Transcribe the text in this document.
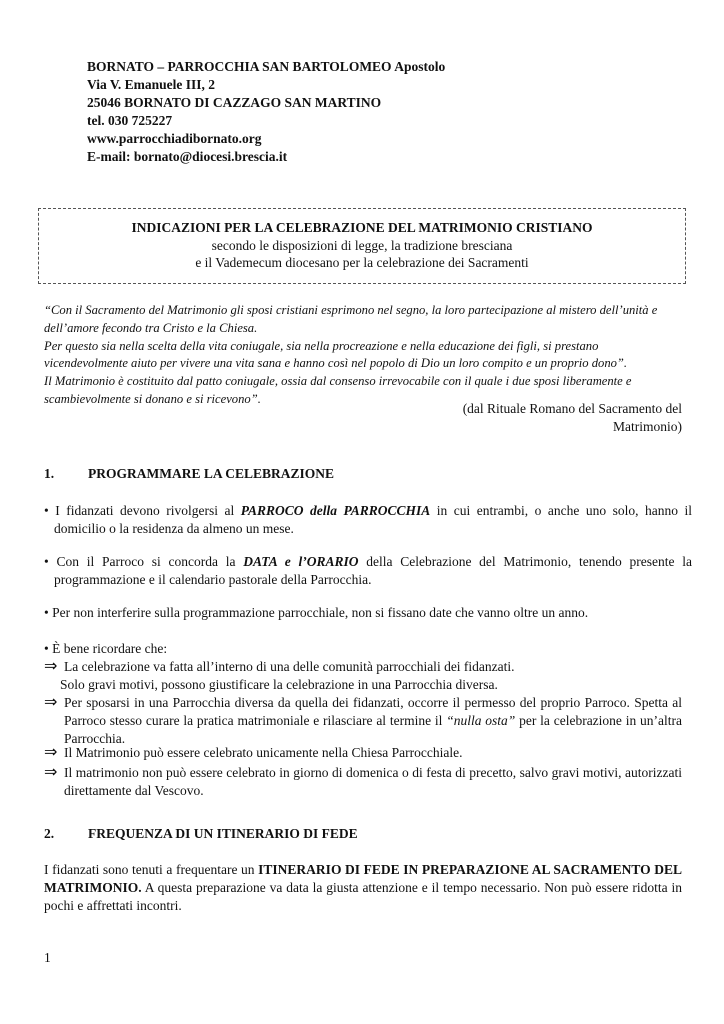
BORNATO – PARROCCHIA SAN BARTOLOMEO Apostolo
Via V. Emanuele III, 2
25046 BORNATO DI CAZZAGO SAN MARTINO
tel. 030 725227
www.parrocchiadibornato.org
E-mail: bornato@diocesi.brescia.it
INDICAZIONI PER LA CELEBRAZIONE DEL MATRIMONIO CRISTIANO
secondo le disposizioni di legge, la tradizione bresciana
e il Vademecum diocesano per la celebrazione dei Sacramenti

“Con il Sacramento del Matrimonio gli sposi cristiani esprimono nel segno, la loro partecipazione al mistero dell’unità e dell’amore fecondo tra Cristo e la Chiesa.

Per questo sia nella scelta della vita coniugale, sia nella procreazione e nella educazione dei figli, si prestano vicendevolmente aiuto per vivere una vita sana e hanno così nel popolo di Dio un loro compito e un proprio dono”.

Il Matrimonio è costituito dal patto coniugale, ossia dal consenso irrevocabile con il quale i due sposi liberamente e scambievolmente si donano e si ricevono”.

(dal Rituale Romano del Sacramento del
Matrimonio)
1.	PROGRAMMARE LA CELEBRAZIONE
• I fidanzati devono rivolgersi al PARROCO della PARROCCHIA in cui entrambi, o anche uno solo, hanno il domicilio o la residenza da almeno un mese.
• Con il Parroco si concorda la DATA e l’ORARIO della Celebrazione del Matrimonio, tenendo presente la programmazione e il calendario pastorale della Parrocchia.
• Per non interferire sulla programmazione parrocchiale, non si fissano date che vanno oltre un anno.
• È bene ricordare che:
⇒ La celebrazione va fatta all’interno di una delle comunità parrocchiali dei fidanzati.
Solo gravi motivi, possono giustificare la celebrazione in una Parrocchia diversa.
⇒ Per sposarsi in una Parrocchia diversa da quella dei fidanzati, occorre il permesso del proprio Parroco. Spetta al Parroco stesso curare la pratica matrimoniale e rilasciare al termine il “nulla osta” per la celebrazione in un’altra Parrocchia.
⇒ Il Matrimonio può essere celebrato unicamente nella Chiesa Parrocchiale.
⇒ Il matrimonio non può essere celebrato in giorno di domenica o di festa di precetto, salvo gravi motivi, autorizzati direttamente dal Vescovo.
2.	FREQUENZA DI UN ITINERARIO DI FEDE
I fidanzati sono tenuti a frequentare un ITINERARIO DI FEDE IN PREPARAZIONE AL SACRAMENTO DEL MATRIMONIO. A questa preparazione va data la giusta attenzione e il tempo necessario. Non può essere ridotta in pochi e affrettati incontri.
1
